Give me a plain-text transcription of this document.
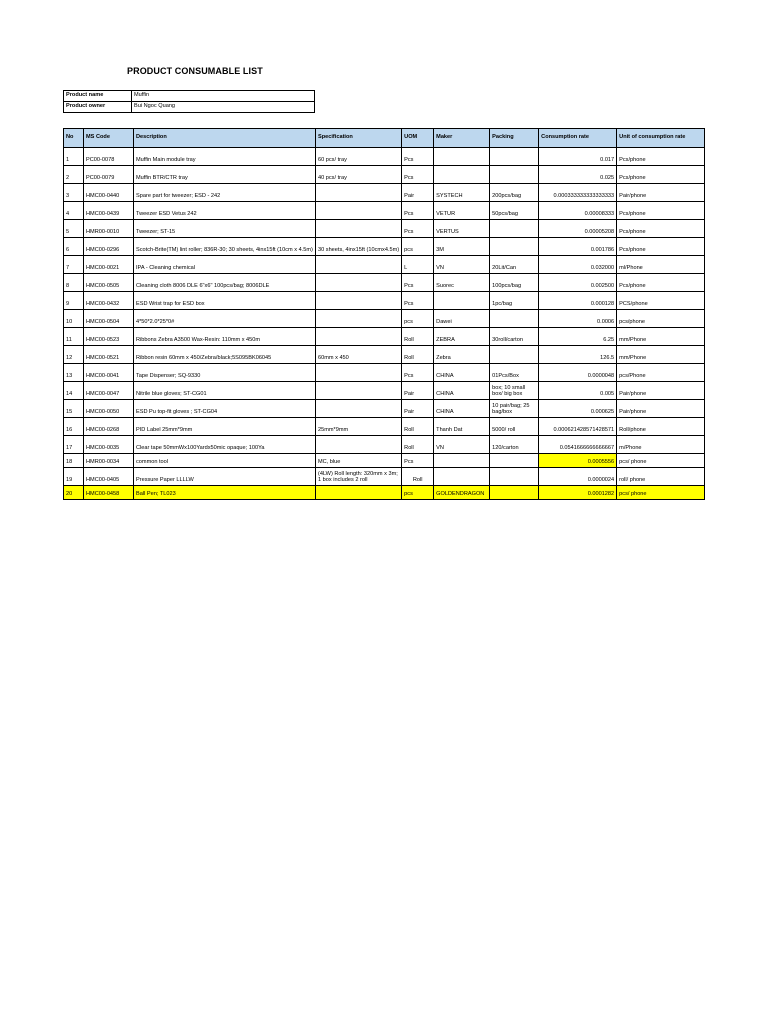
PRODUCT CONSUMABLE LIST
Product name	Muffin
Product owner	Bui Ngoc Quang
No	MS Code	Description	Specification	UOM	Maker	Packing	Consumption rate	Unit of consumption rate
1	PC00-0078	Muffin Main module tray	60 pcs/ tray	Pcs			0.017	Pcs/phone
2	PC00-0079	Muffin BTR/CTR tray	40 pcs/ tray	Pcs			0.025	Pcs/phone
3	HMC00-0440	Spare part for tweezer; ESD - 242		Pair	SYSTECH	200pcs/bag	0.000333333333333333	Pair/phone
4	HMC00-0439	Tweezer ESD Vetus 242		Pcs	VETUR	50pcs/bag	0.00008333	Pcs/phone
5	HMR00-0010	Tweezer; ST-15		Pcs	VERTUS		0.00005208	Pcs/phone
6	HMC00-0296	Scotch-Brite(TM) lint roller; 836R-30; 30 sheets, 4inx15ft (10cm x 4.5m)	30 sheets, 4inx15ft (10cmx4.5m)	pcs	3M		0.001786	Pcs/phone
7	HMC00-0021	IPA - Cleaning chemical		L	VN	20Lit/Can	0.032000	ml/Phone
8	HMC00-0505	Cleaning cloth 8006 DLE 6"x6" 100pcs/bag; 8006DLE		Pcs	Suorec	100pcs/bag	0.002500	Pcs/phone
9	HMC00-0432	ESD Wrist trap for ESD box		Pcs		1pc/bag	0.000128	PCS/phone
10	HMC00-0504	4*50*2.0*25*0#		pcs	Dawei		0.0006	pcs/phone
11	HMC00-0523	Ribbons Zebra A3500 Wax-Resin: 110mm x 450m		Roll	ZEBRA	30roll/carton	6.25	mm/Phone
12	HMC00-0521	Ribbon resin 60mm x 450/Zebra/black;5S095BK06045	60mm x 450	Roll	Zebra		126.5	mm/Phone
13	HMC00-0041	Tape Dispenser; SQ-9330		Pcs	CHINA	01Pcs/Box	0.0000048	pcs/Phone
14	HMC00-0047	Nitrile blue gloves; ST-CG01		Pair	CHINA	box; 10 small box/ big box	0.005	Pair/phone
15	HMC00-0050	ESD Pu top-fit gloves ; ST-CG04		Pair	CHINA	10 pair/bag; 25 bag/box	0.000625	Pair/phone
16	HMC00-0268	PID Label 25mm*9mm	25mm*9mm	Roll	Thanh Dat	5000/ roll	0.000621428571428571	Roll/phone
17	HMC00-0035	Clear tape 50mmWx100Yardx50mic opaque; 100Ya		Roll	VN	120/carton	0.0541666666666667	m/Phone
18	HMR00-0034	common tool	MC, blue	Pcs			0.0005556	pcs/ phone
19	HMC00-0405	Pressure Paper LLLLW	(4LW) Roll length: 320mm x 3m; 1 box includes 2 roll	Roll			0.0000024	roll/ phone
20	HMC00-0458	Ball Pen; TL023		pcs	GOLDENDRAGON		0.0001282	pcs/ phone
